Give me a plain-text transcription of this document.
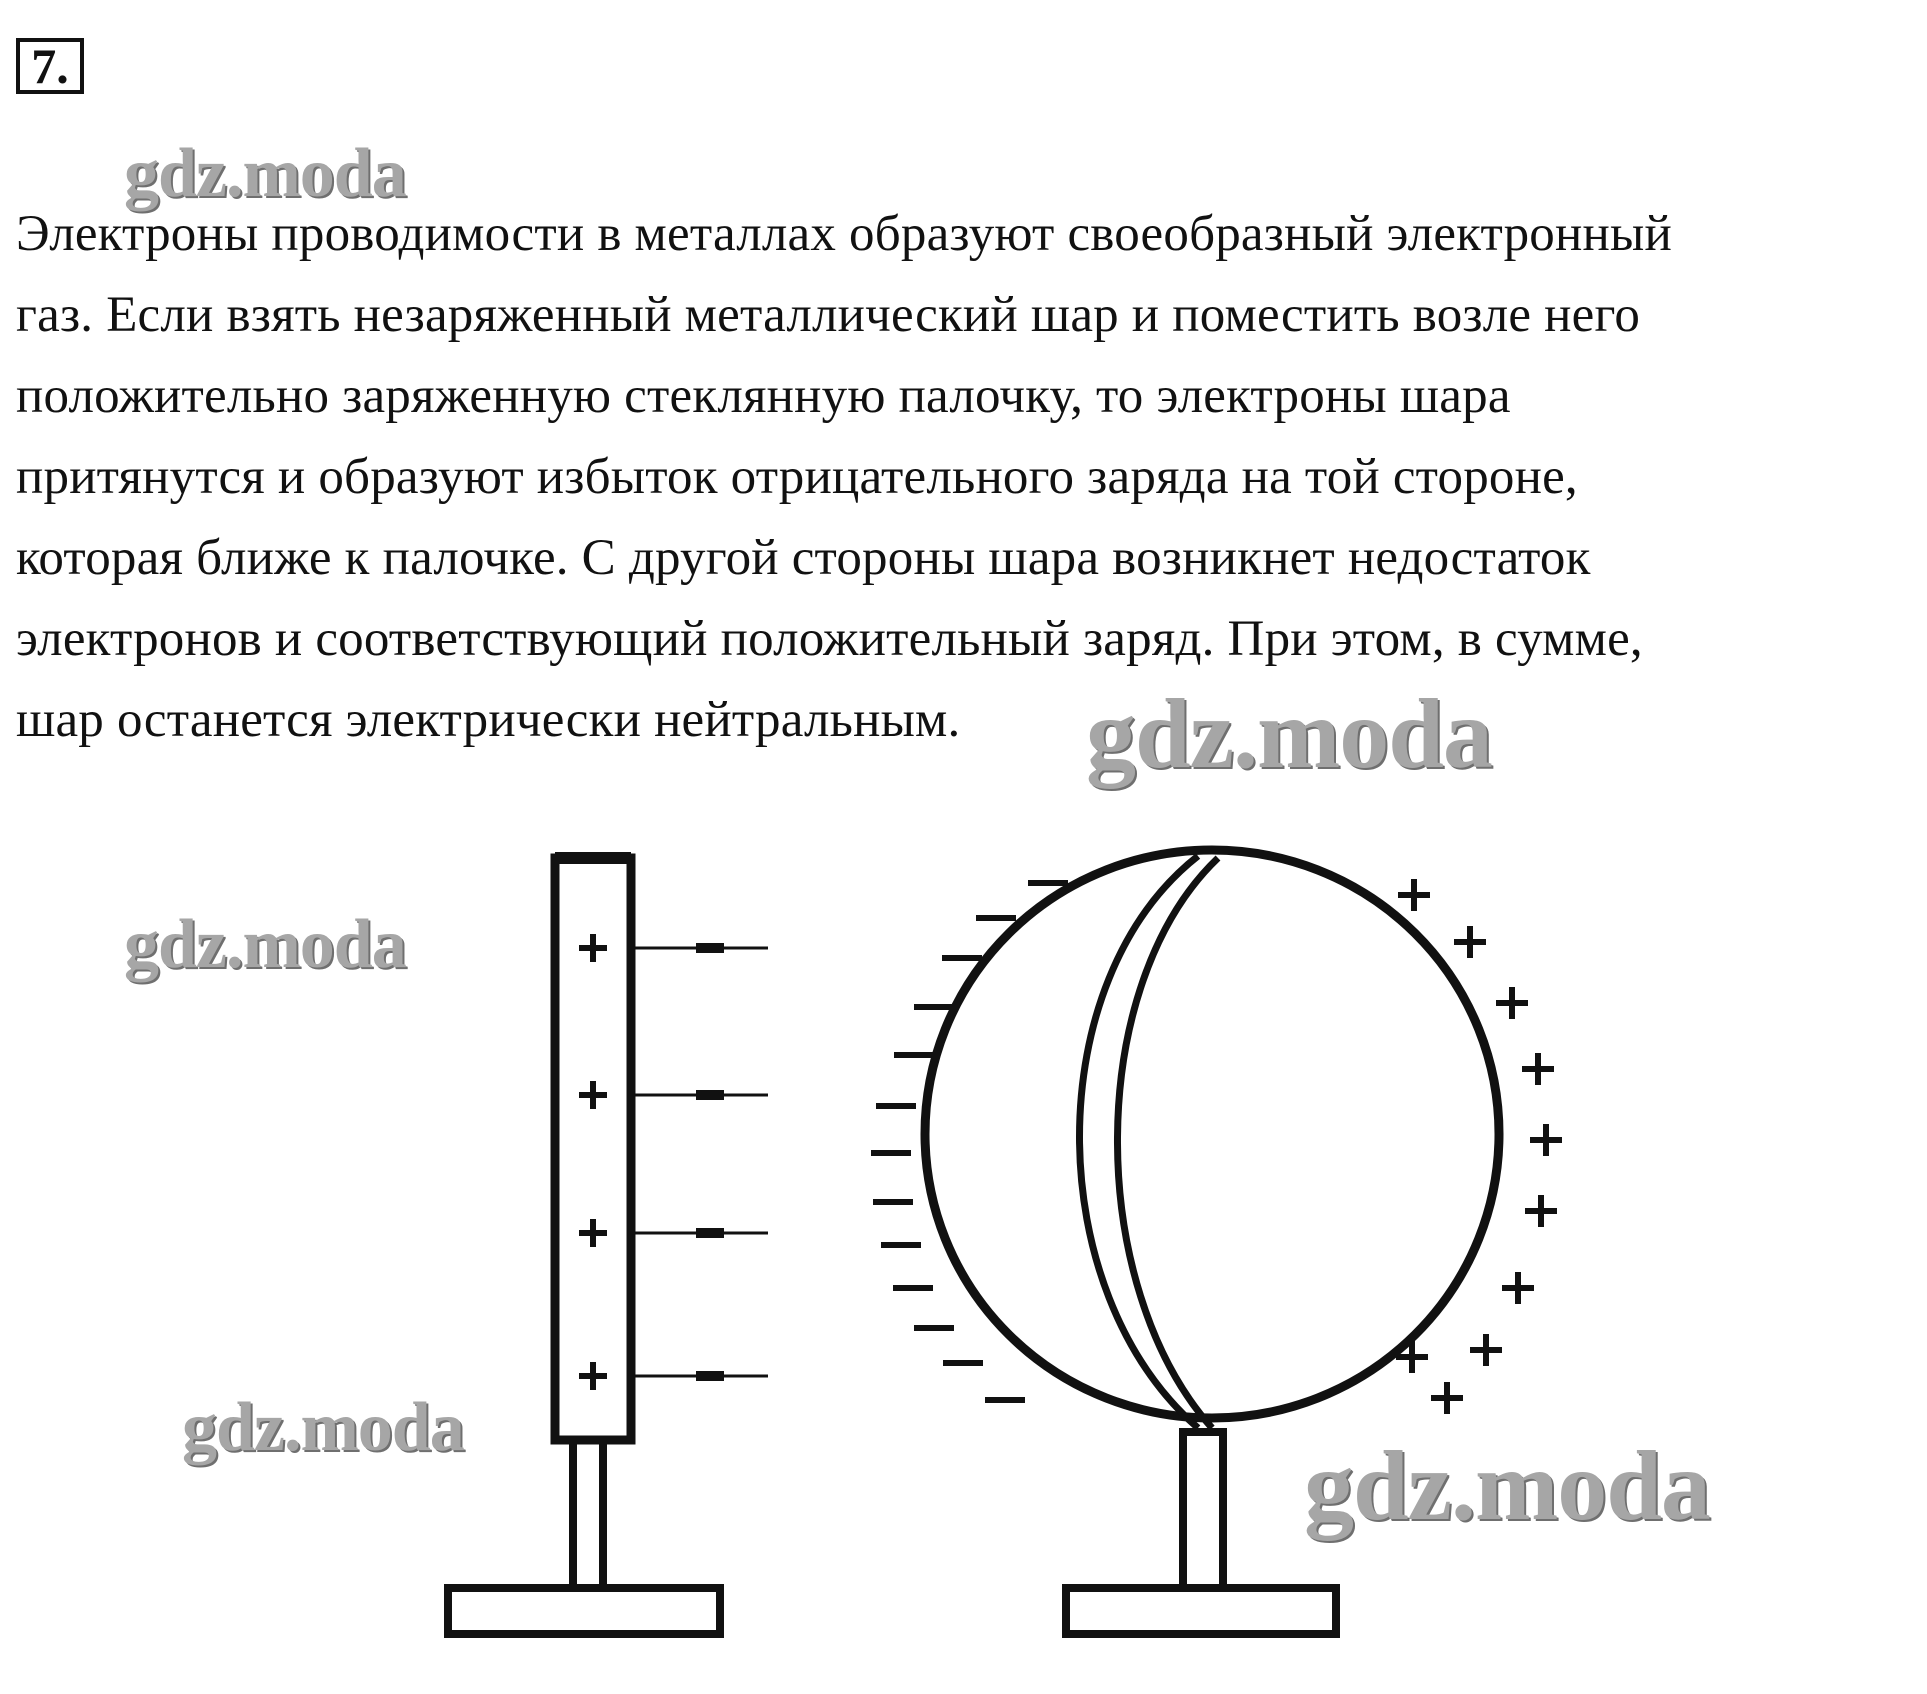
7.
Электроны проводимости в металлах образуют своеобразный электронный
газ. Если взять незаряженный металлический шар и поместить возле него
положительно заряженную стеклянную палочку, то электроны шара
притянутся и образуют избыток отрицательного заряда на той стороне,
которая ближе к палочке. С другой стороны шара возникнет недостаток
электронов и соответствующий положительный заряд. При этом, в сумме,
шар останется электрически нейтральным.
gdz.moda
gdz.moda
gdz.moda
gdz.moda
gdz.moda
